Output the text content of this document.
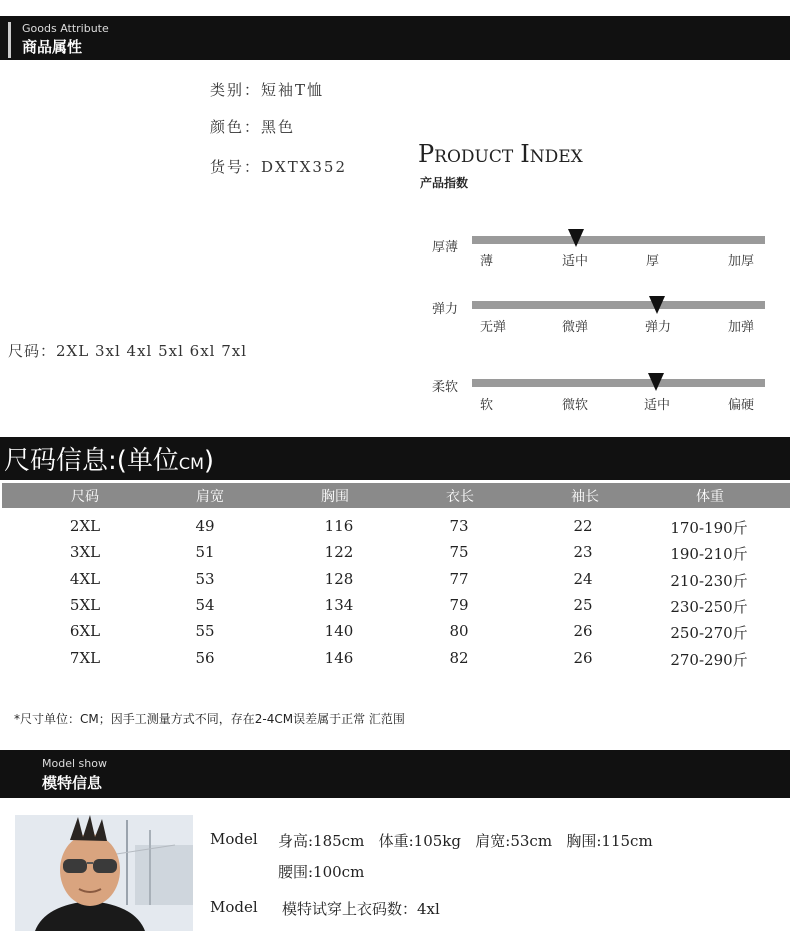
Goods Attribute
商品属性
类别：短袖T恤
颜色：黑色
货号：DXTX352
尺码：2XL 3xl 4xl 5xl 6xl 7xl
PRODUCT INDEX
产品指数
厚薄
薄	适中	厚	加厚
弹力
无弹	微弹	弹力	加弹
柔软
软	微软	适中	偏硬
尺码信息:(单位CM)
尺码	肩宽	胸围	衣长	袖长	体重
2XL	49	116	73	22	170-190斤
3XL	51	122	75	23	190-210斤
4XL	53	128	77	24	210-230斤
5XL	54	134	79	25	230-250斤
6XL	55	140	80	26	250-270斤
7XL	56	146	82	26	270-290斤
*尺寸单位：CM；因手工测量方式不同，存在2-4CM误差属于正常 汇范围
Model show
模特信息
Model 身高:185cm   体重:105kg   肩宽:53cm   胸围:115cm
腰围:100cm
Model 模特试穿上衣码数：4xl
